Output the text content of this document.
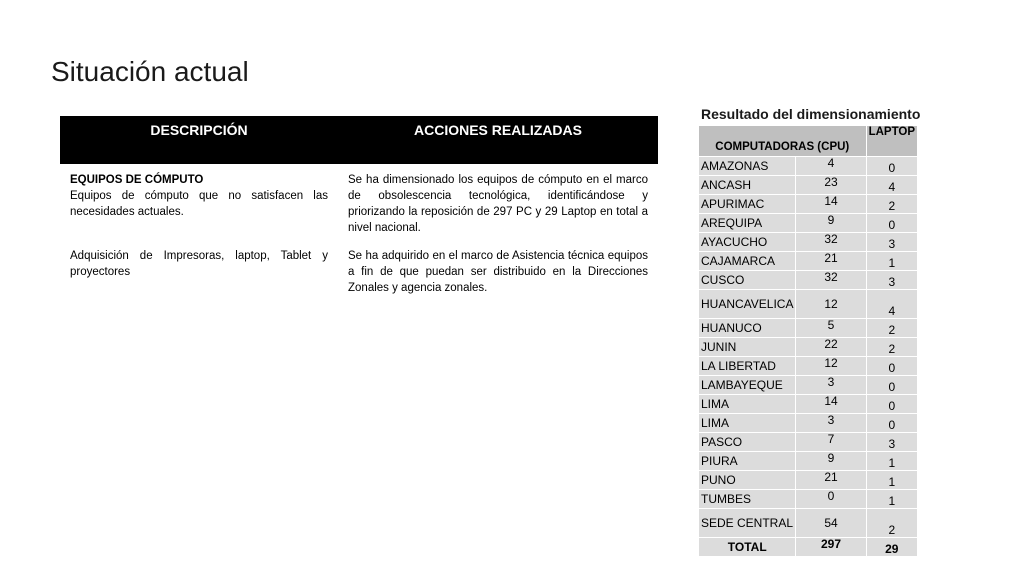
Situación actual
DESCRIPCIÓN	ACCIONES REALIZADAS

EQUIPOS DE CÓMPUTO
Equipos de cómputo que no satisfacen las necesidades actuales.	Se ha dimensionado los equipos de cómputo en el marco de obsolescencia tecnológica, identificándose y priorizando la reposición de 297 PC y 29 Laptop en total a nivel nacional.
Adquisición de Impresoras, laptop, Tablet y proyectores	Se ha adquirido en el marco de Asistencia técnica equipos a fin de que puedan ser distribuido en la Direcciones Zonales y agencia zonales.
Resultado del dimensionamiento
COMPUTADORAS (CPU)		LAPTOP
AMAZONAS	4	0
ANCASH	23	4
APURIMAC	14	2
AREQUIPA	9	0
AYACUCHO	32	3
CAJAMARCA	21	1
CUSCO	32	3
HUANCAVELICA	12	4
HUANUCO	5	2
JUNIN	22	2
LA LIBERTAD	12	0
LAMBAYEQUE	3	0
LIMA	14	0
LIMA	3	0
PASCO	7	3
PIURA	9	1
PUNO	21	1
TUMBES	0	1
SEDE CENTRAL	54	2
TOTAL	297	29
